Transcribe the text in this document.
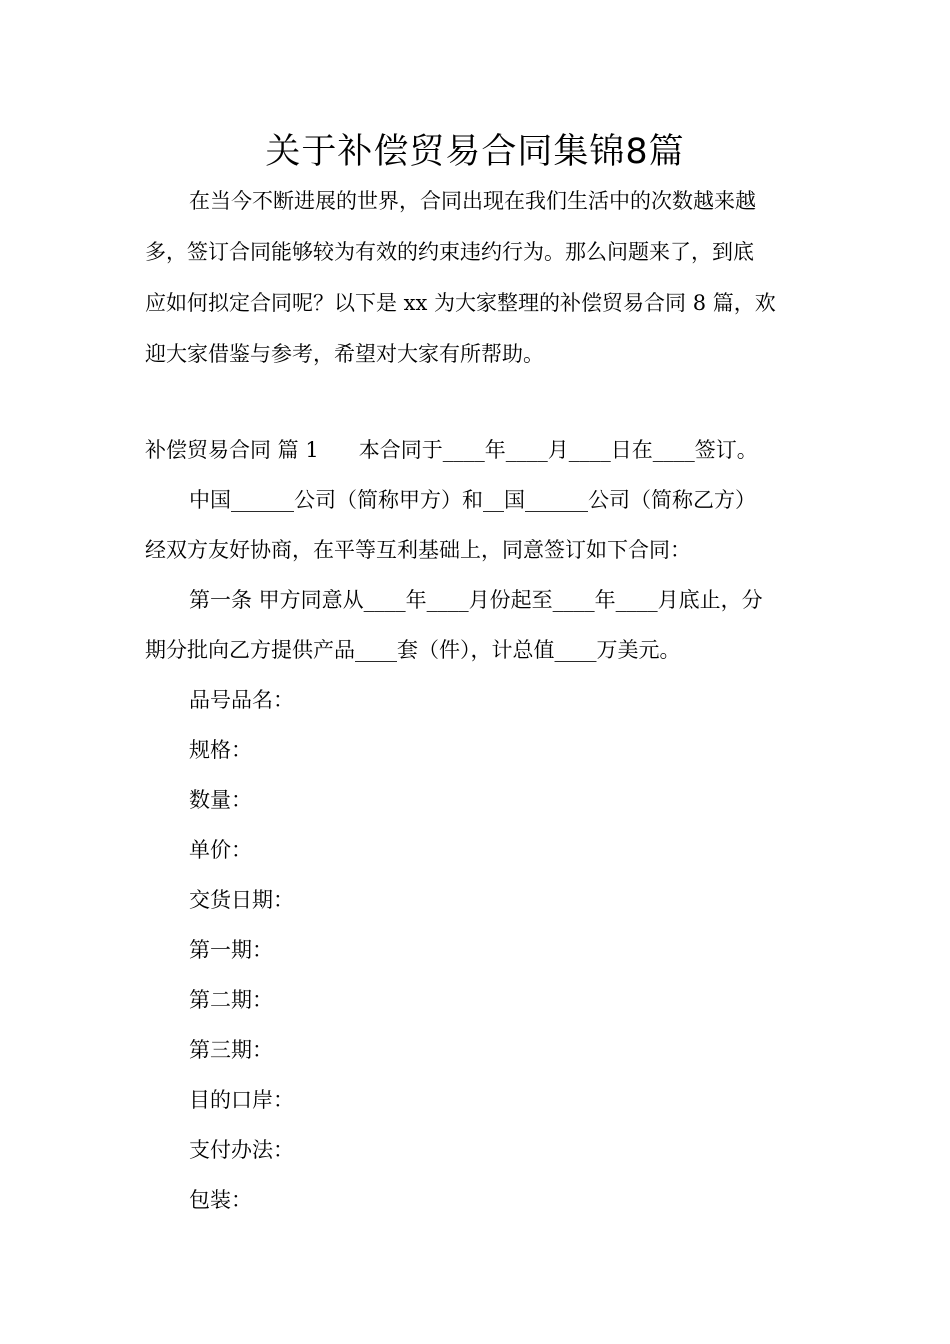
关于补偿贸易合同集锦8篇

在当今不断进展的世界，合同出现在我们生活中的次数越来越
多，签订合同能够较为有效的约束违约行为。那么问题来了，到底
应如何拟定合同呢？以下是 xx 为大家整理的补偿贸易合同 8 篇，欢
迎大家借鉴与参考，希望对大家有所帮助。

补偿贸易合同 篇 1 本合同于____年____月____日在____签订。

中国______公司（简称甲方）和__国______公司（简称乙方）

经双方友好协商，在平等互利基础上，同意签订如下合同：

第一条 甲方同意从____年____月份起至____年____月底止，分

期分批向乙方提供产品____套（件），计总值____万美元。

品号品名：

规格：

数量：

单价：

交货日期：

第一期：

第二期：

第三期：

目的口岸：

支付办法：

包装：
